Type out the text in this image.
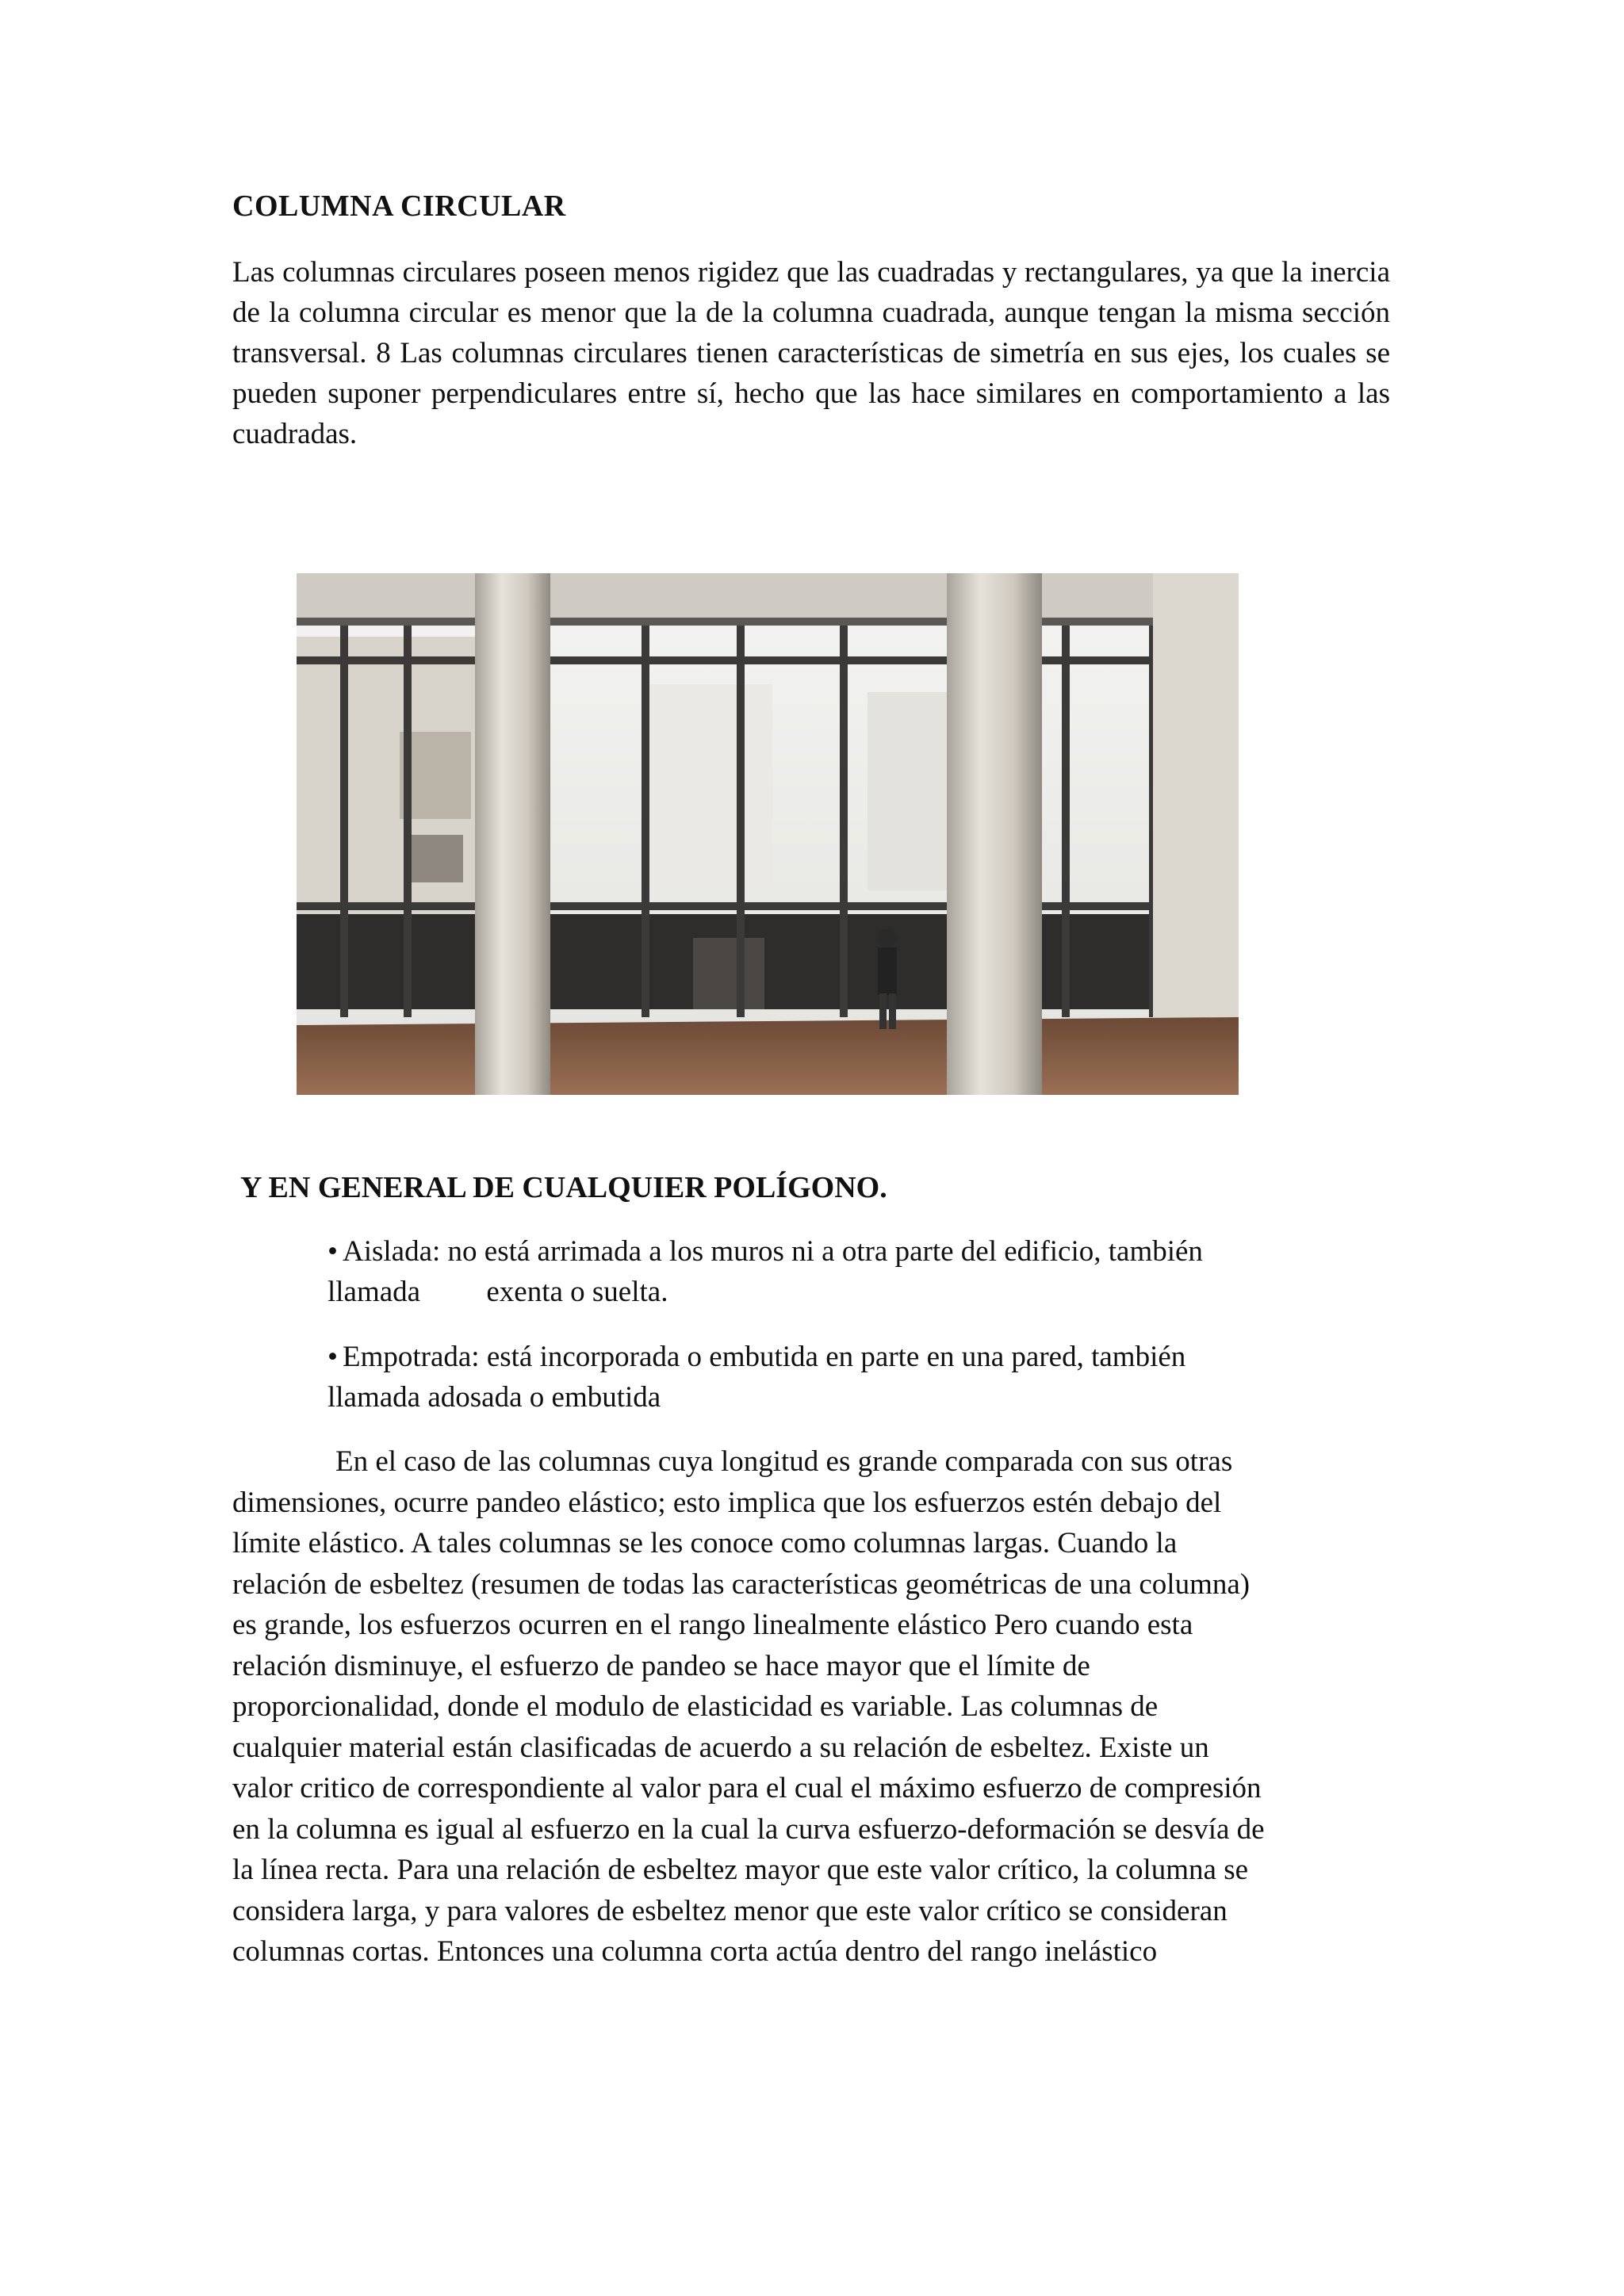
COLUMNA CIRCULAR

Las columnas circulares poseen menos rigidez que las cuadradas y rectangulares, ya que la inercia de la columna circular es menor que la de la columna cuadrada, aunque tengan la misma sección transversal. 8 Las columnas circulares tienen características de simetría en sus ejes, los cuales se pueden suponer perpendiculares entre sí, hecho que las hace similares en comportamiento a las cuadradas.

Y EN GENERAL DE CUALQUIER POLÍGONO.
• Aislada: no está arrimada a los muros ni a otra parte del edificio, también
llamada         exenta o suelta.
• Empotrada: está incorporada o embutida en parte en una pared, también
llamada adosada o embutida

En el caso de las columnas cuya longitud es grande comparada con sus otras
dimensiones, ocurre pandeo elástico; esto implica que los esfuerzos estén debajo del
límite elástico. A tales columnas se les conoce como columnas largas. Cuando la
relación de esbeltez (resumen de todas las características geométricas de una columna)
es grande, los esfuerzos ocurren en el rango linealmente elástico Pero cuando esta
relación disminuye, el esfuerzo de pandeo se hace mayor que el límite de
proporcionalidad, donde el modulo de elasticidad es variable. Las columnas de
cualquier material están clasificadas de acuerdo a su relación de esbeltez. Existe un
valor critico de correspondiente al valor para el cual el máximo esfuerzo de compresión
en la columna es igual al esfuerzo en la cual la curva esfuerzo-deformación se desvía de
la línea recta. Para una relación de esbeltez mayor que este valor crítico, la columna se
considera larga, y para valores de esbeltez menor que este valor crítico se consideran
columnas cortas. Entonces una columna corta actúa dentro del rango inelástico
